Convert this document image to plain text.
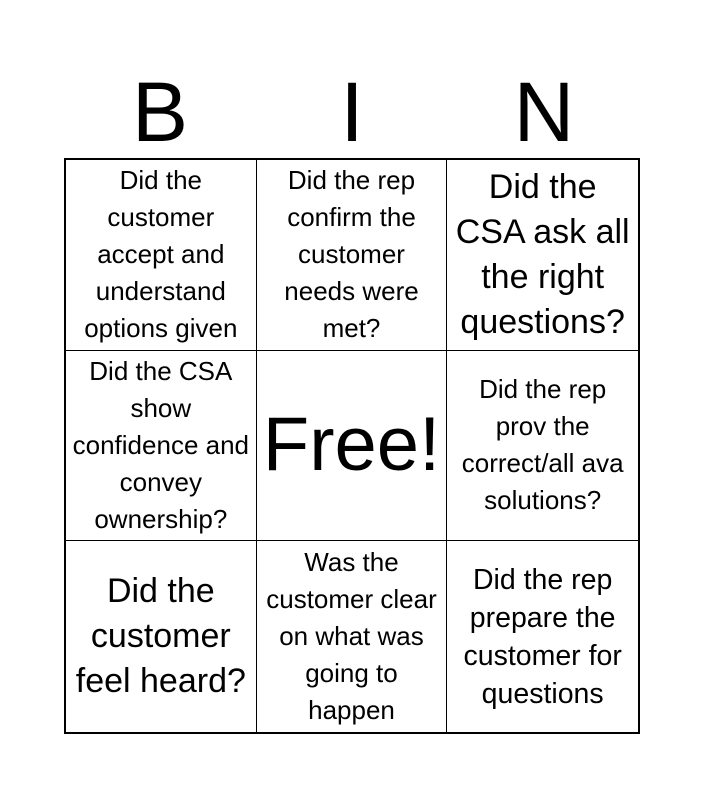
B	I	N
Did the customer accept and understand options given
Did the rep confirm the customer needs were met?
Did the CSA ask all the right questions?
Did the CSA show confidence and convey ownership?
Free!
Did the rep prov the correct/all ava solutions?
Did the customer feel heard?
Was the customer clear on what was going to happen
Did the rep prepare the customer for questions
